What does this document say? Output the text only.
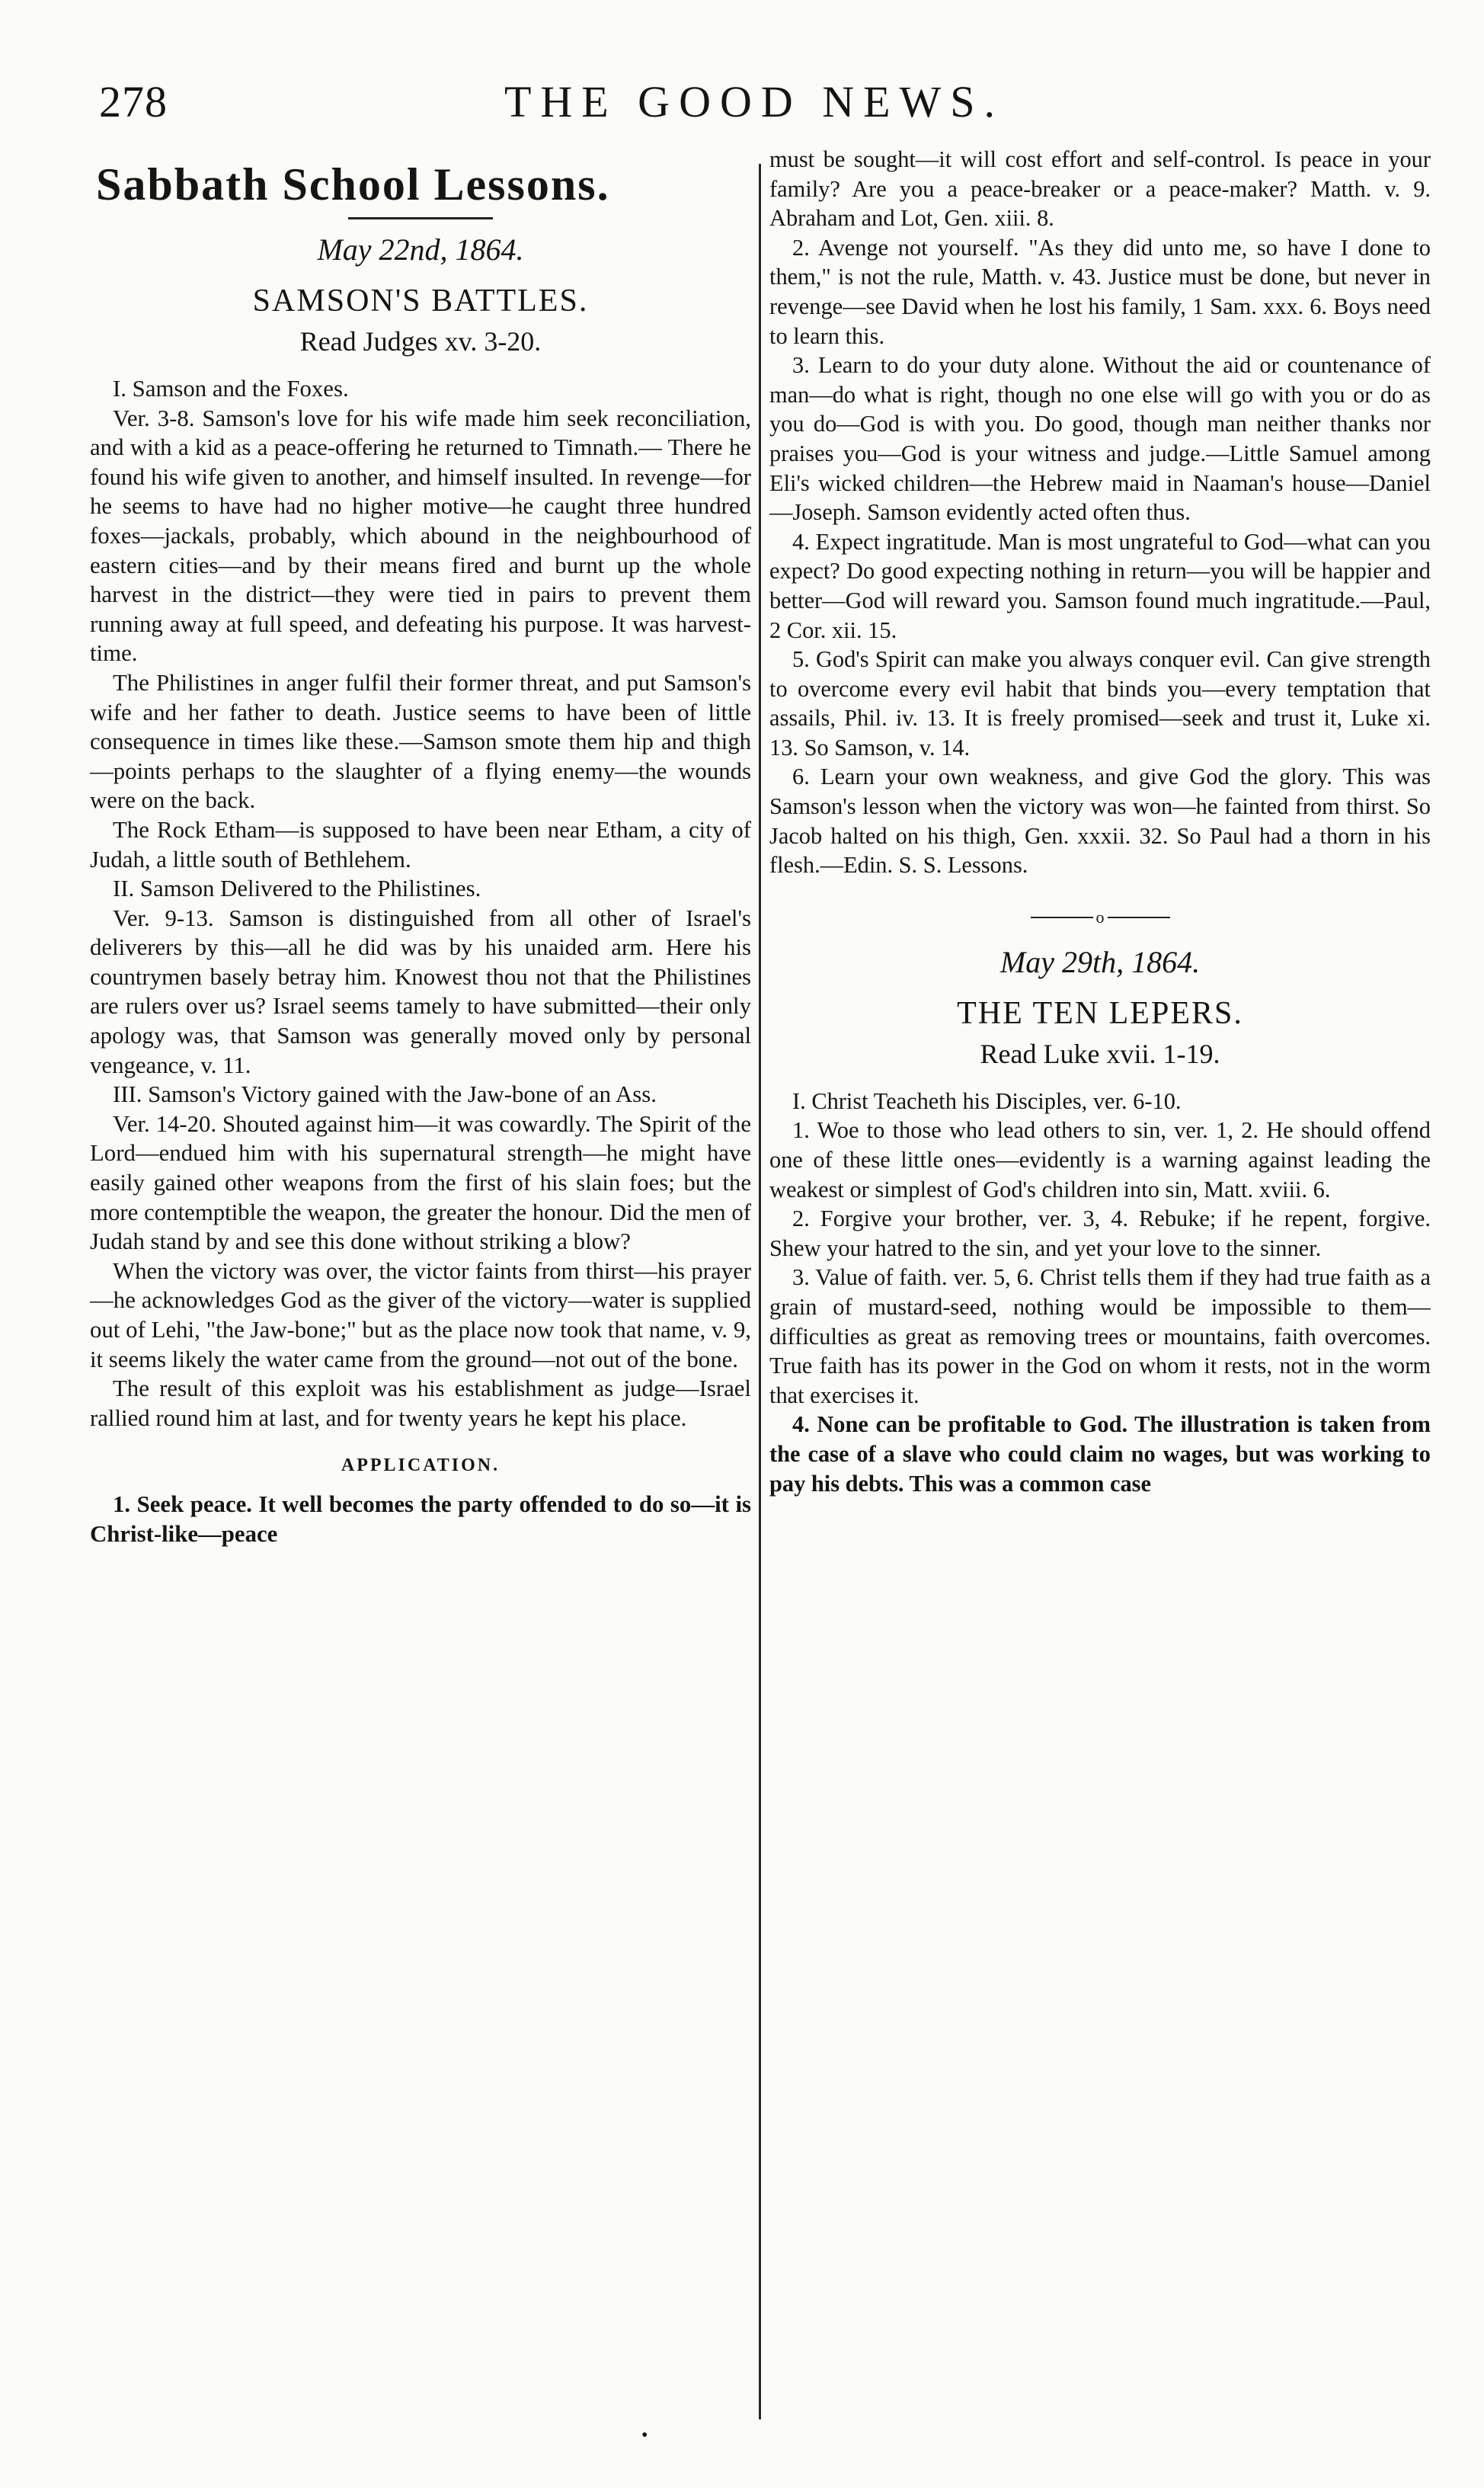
278	THE GOOD NEWS.
Sabbath School Lessons.
May 22nd, 1864.
SAMSON'S BATTLES.
Read Judges xv. 3-20.

I. Samson and the Foxes.

Ver. 3-8. Samson's love for his wife made him seek reconciliation, and with a kid as a peace-offering he returned to Timnath.— There he found his wife given to another, and himself insulted. In revenge—for he seems to have had no higher motive—he caught three hundred foxes—jackals, probably, which abound in the neighbourhood of eastern cities—and by their means fired and burnt up the whole harvest in the district—they were tied in pairs to prevent them running away at full speed, and defeating his purpose. It was harvest-time.

The Philistines in anger fulfil their former threat, and put Samson's wife and her father to death. Justice seems to have been of little consequence in times like these.—Samson smote them hip and thigh—points perhaps to the slaughter of a flying enemy—the wounds were on the back.

The Rock Etham—is supposed to have been near Etham, a city of Judah, a little south of Bethlehem.

II. Samson Delivered to the Philistines.

Ver. 9-13. Samson is distinguished from all other of Israel's deliverers by this—all he did was by his unaided arm. Here his countrymen basely betray him. Knowest thou not that the Philistines are rulers over us? Israel seems tamely to have submitted—their only apology was, that Samson was generally moved only by personal vengeance, v. 11.

III. Samson's Victory gained with the Jaw-bone of an Ass.

Ver. 14-20. Shouted against him—it was cowardly. The Spirit of the Lord—endued him with his supernatural strength—he might have easily gained other weapons from the first of his slain foes; but the more contemptible the weapon, the greater the honour. Did the men of Judah stand by and see this done without striking a blow?

When the victory was over, the victor faints from thirst—his prayer—he acknowledges God as the giver of the victory—water is supplied out of Lehi, "the Jaw-bone;" but as the place now took that name, v. 9, it seems likely the water came from the ground—not out of the bone.

The result of this exploit was his establishment as judge—Israel rallied round him at last, and for twenty years he kept his place.

APPLICATION.

1. Seek peace. It well becomes the party offended to do so—it is Christ-like—peace

must be sought—it will cost effort and self-control. Is peace in your family? Are you a peace-breaker or a peace-maker? Matth. v. 9. Abraham and Lot, Gen. xiii. 8.

2. Avenge not yourself. "As they did unto me, so have I done to them," is not the rule, Matth. v. 43. Justice must be done, but never in revenge—see David when he lost his family, 1 Sam. xxx. 6. Boys need to learn this.

3. Learn to do your duty alone. Without the aid or countenance of man—do what is right, though no one else will go with you or do as you do—God is with you. Do good, though man neither thanks nor praises you—God is your witness and judge.—Little Samuel among Eli's wicked children—the Hebrew maid in Naaman's house—Daniel—Joseph. Samson evidently acted often thus.

4. Expect ingratitude. Man is most ungrateful to God—what can you expect? Do good expecting nothing in return—you will be happier and better—God will reward you. Samson found much ingratitude.—Paul, 2 Cor. xii. 15.

5. God's Spirit can make you always conquer evil. Can give strength to overcome every evil habit that binds you—every temptation that assails, Phil. iv. 13. It is freely promised—seek and trust it, Luke xi. 13. So Samson, v. 14.

6. Learn your own weakness, and give God the glory. This was Samson's lesson when the victory was won—he fainted from thirst. So Jacob halted on his thigh, Gen. xxxii. 32. So Paul had a thorn in his flesh.—Edin. S. S. Lessons.

o
May 29th, 1864.
THE TEN LEPERS.
Read Luke xvii. 1-19.

I. Christ Teacheth his Disciples, ver. 6-10.

1. Woe to those who lead others to sin, ver. 1, 2. He should offend one of these little ones—evidently is a warning against leading the weakest or simplest of God's children into sin, Matt. xviii. 6.

2. Forgive your brother, ver. 3, 4. Rebuke; if he repent, forgive. Shew your hatred to the sin, and yet your love to the sinner.

3. Value of faith. ver. 5, 6. Christ tells them if they had true faith as a grain of mustard-seed, nothing would be impossible to them—difficulties as great as removing trees or mountains, faith overcomes. True faith has its power in the God on whom it rests, not in the worm that exercises it.

4. None can be profitable to God. The illustration is taken from the case of a slave who could claim no wages, but was working to pay his debts. This was a common case

•
